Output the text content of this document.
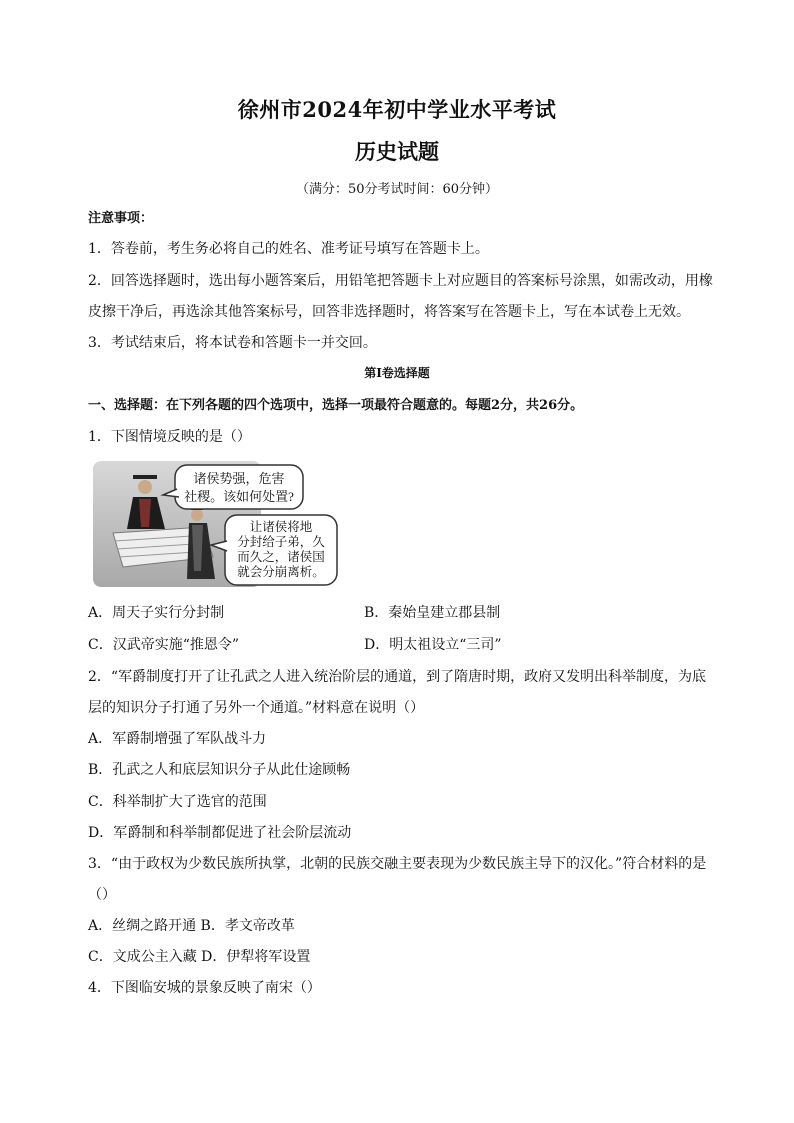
徐州市2024年初中学业水平考试
历史试题
（满分：50分考试时间：60分钟）
注意事项：
1．答卷前，考生务必将自己的姓名、准考证号填写在答题卡上。
2．回答选择题时，选出每小题答案后，用铅笔把答题卡上对应题目的答案标号涂黑，如需改动，用橡
皮擦干净后，再选涂其他答案标号，回答非选择题时，将答案写在答题卡上，写在本试卷上无效。
3．考试结束后，将本试卷和答题卡一并交回。
第I卷选择题
一、选择题：在下列各题的四个选项中，选择一项最符合题意的。每题2分，共26分。
1．下图情境反映的是（）
诸侯势强，危害
社稷。该如何处置?
让诸侯将地
分封给子弟，久
而久之，诸侯国
就会分崩离析。
A．周天子实行分封制	B．秦始皇建立郡县制
C．汉武帝实施“推恩令”	D．明太祖设立“三司”
2．“军爵制度打开了让孔武之人进入统治阶层的通道，到了隋唐时期，政府又发明出科举制度，为底
层的知识分子打通了另外一个通道。”材料意在说明（）
A．军爵制增强了军队战斗力
B．孔武之人和底层知识分子从此仕途顾畅
C．科举制扩大了选官的范围
D．军爵制和科举制都促进了社会阶层流动
3．“由于政权为少数民族所执掌，北朝的民族交融主要表现为少数民族主导下的汉化。”符合材料的是
（）
A．丝绸之路开通 B．孝文帝改革
C．文成公主入藏 D．伊犁将军设置
4．下图临安城的景象反映了南宋（）
